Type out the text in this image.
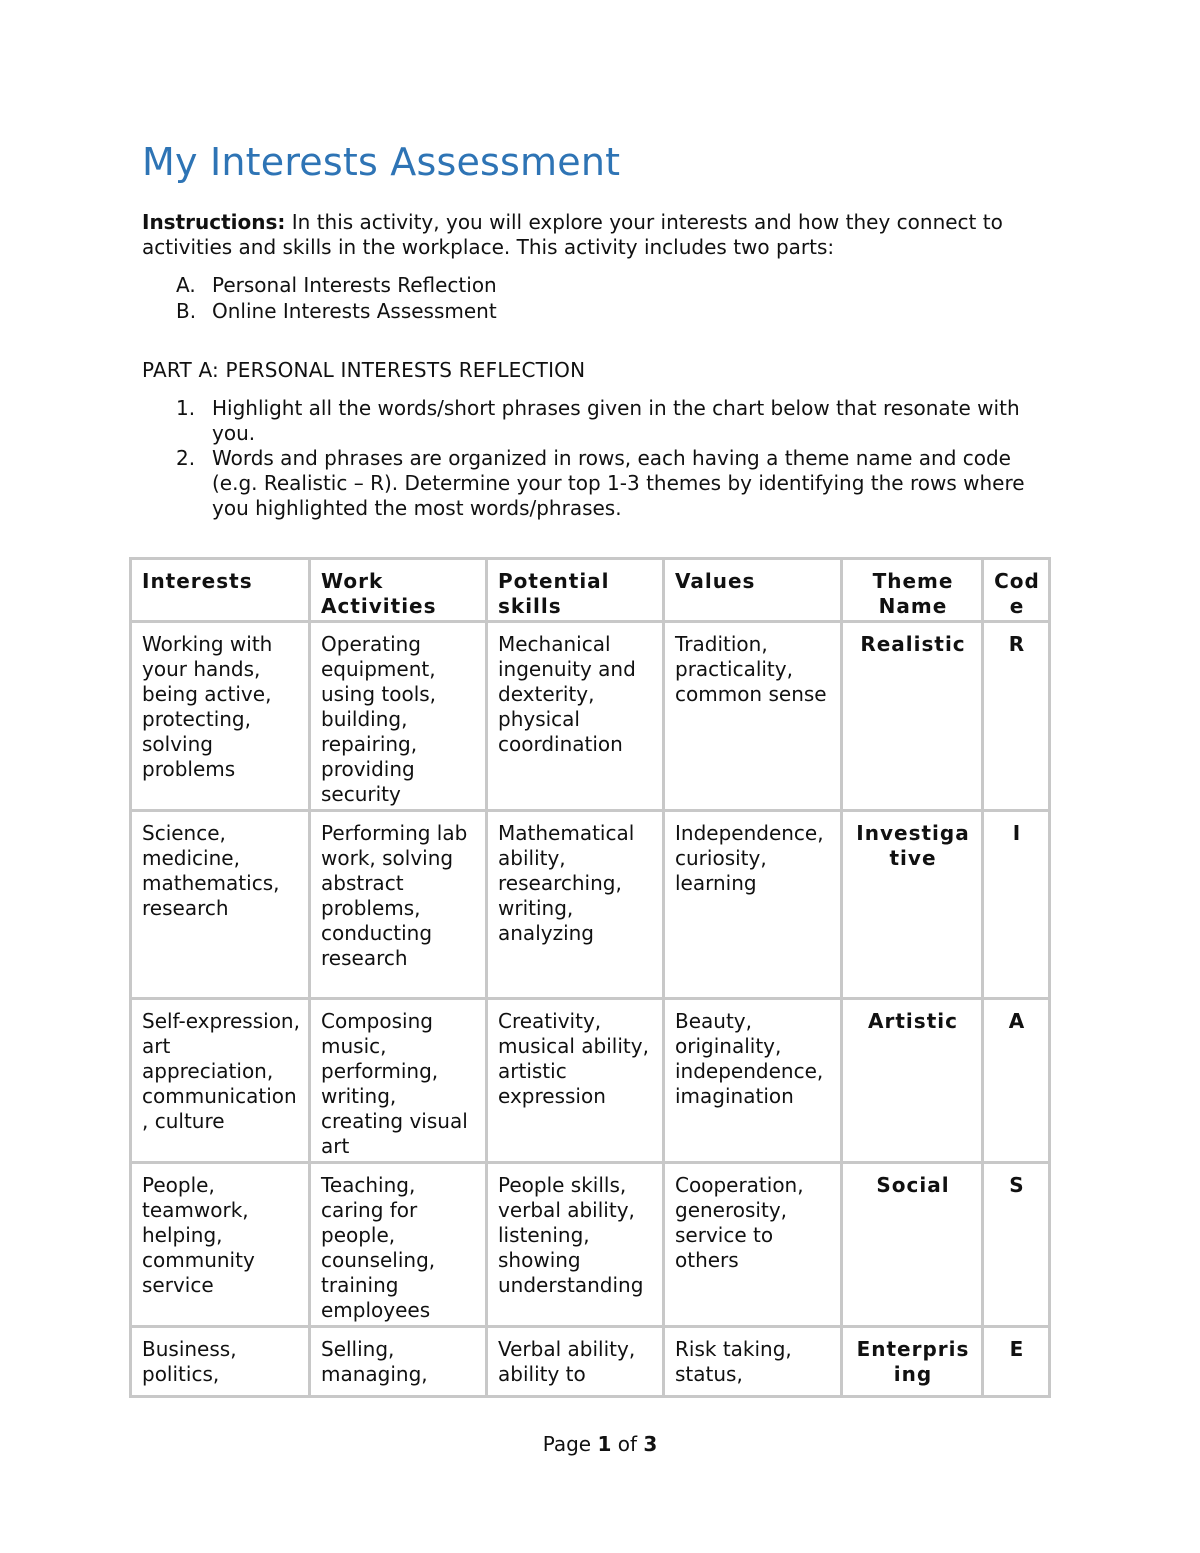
My Interests Assessment

Instructions: In this activity, you will explore your interests and how they connect to activities and skills in the workplace. This activity includes two parts:

A. Personal Interests Reflection
B. Online Interests Assessment
PART A: PERSONAL INTERESTS REFLECTION
1. Highlight all the words/short phrases given in the chart below that resonate with you.
2. Words and phrases are organized in rows, each having a theme name and code (e.g. Realistic – R). Determine your top 1-3 themes by identifying the rows where you highlighted the most words/phrases.
Interests	Work Activities	Potential skills	Values	Theme Name	Code
Working with your hands, being active, protecting, solving problems	Operating equipment, using tools, building, repairing, providing security	Mechanical ingenuity and dexterity, physical coordination	Tradition, practicality, common sense	Realistic	R
Science, medicine, mathematics, research	Performing lab work, solving abstract problems, conducting research	Mathematical ability, researching, writing, analyzing	Independence, curiosity, learning	Investigative	I
Self-expression, art appreciation, communication, culture	Composing music, performing, writing, creating visual art	Creativity, musical ability, artistic expression	Beauty, originality, independence, imagination	Artistic	A
People, teamwork, helping, community service	Teaching, caring for people, counseling, training employees	People skills, verbal ability, listening, showing understanding	Cooperation, generosity, service to others	Social	S
Business, politics,	Selling, managing,	Verbal ability, ability to	Risk taking, status,	Enterprising	E
Page 1 of 3
